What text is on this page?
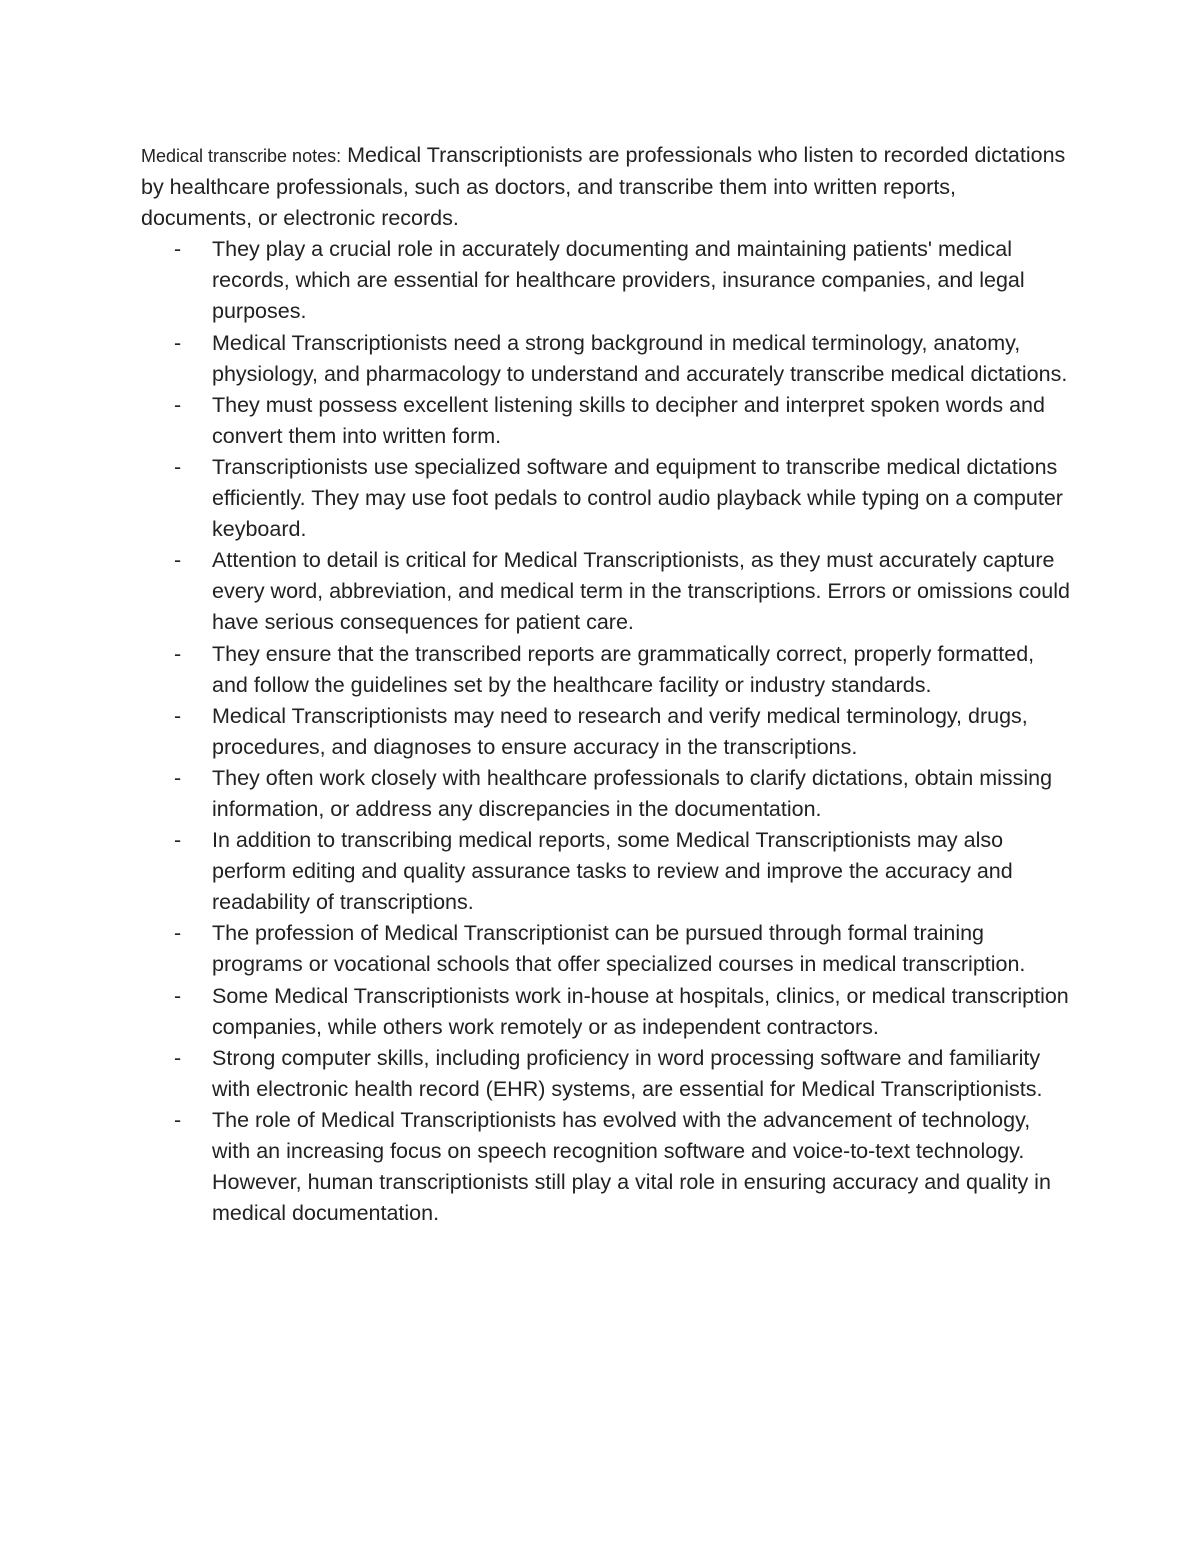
Medical transcribe notes: Medical Transcriptionists are professionals who listen to recorded dictations by healthcare professionals, such as doctors, and transcribe them into written reports, documents, or electronic records.

- They play a crucial role in accurately documenting and maintaining patients' medical records, which are essential for healthcare providers, insurance companies, and legal purposes.
- Medical Transcriptionists need a strong background in medical terminology, anatomy, physiology, and pharmacology to understand and accurately transcribe medical dictations.
- They must possess excellent listening skills to decipher and interpret spoken words and convert them into written form.
- Transcriptionists use specialized software and equipment to transcribe medical dictations efficiently. They may use foot pedals to control audio playback while typing on a computer keyboard.
- Attention to detail is critical for Medical Transcriptionists, as they must accurately capture every word, abbreviation, and medical term in the transcriptions. Errors or omissions could have serious consequences for patient care.
- They ensure that the transcribed reports are grammatically correct, properly formatted, and follow the guidelines set by the healthcare facility or industry standards.
- Medical Transcriptionists may need to research and verify medical terminology, drugs, procedures, and diagnoses to ensure accuracy in the transcriptions.
- They often work closely with healthcare professionals to clarify dictations, obtain missing information, or address any discrepancies in the documentation.
- In addition to transcribing medical reports, some Medical Transcriptionists may also perform editing and quality assurance tasks to review and improve the accuracy and readability of transcriptions.
- The profession of Medical Transcriptionist can be pursued through formal training programs or vocational schools that offer specialized courses in medical transcription.
- Some Medical Transcriptionists work in-house at hospitals, clinics, or medical transcription companies, while others work remotely or as independent contractors.
- Strong computer skills, including proficiency in word processing software and familiarity with electronic health record (EHR) systems, are essential for Medical Transcriptionists.
- The role of Medical Transcriptionists has evolved with the advancement of technology, with an increasing focus on speech recognition software and voice-to-text technology. However, human transcriptionists still play a vital role in ensuring accuracy and quality in medical documentation.
